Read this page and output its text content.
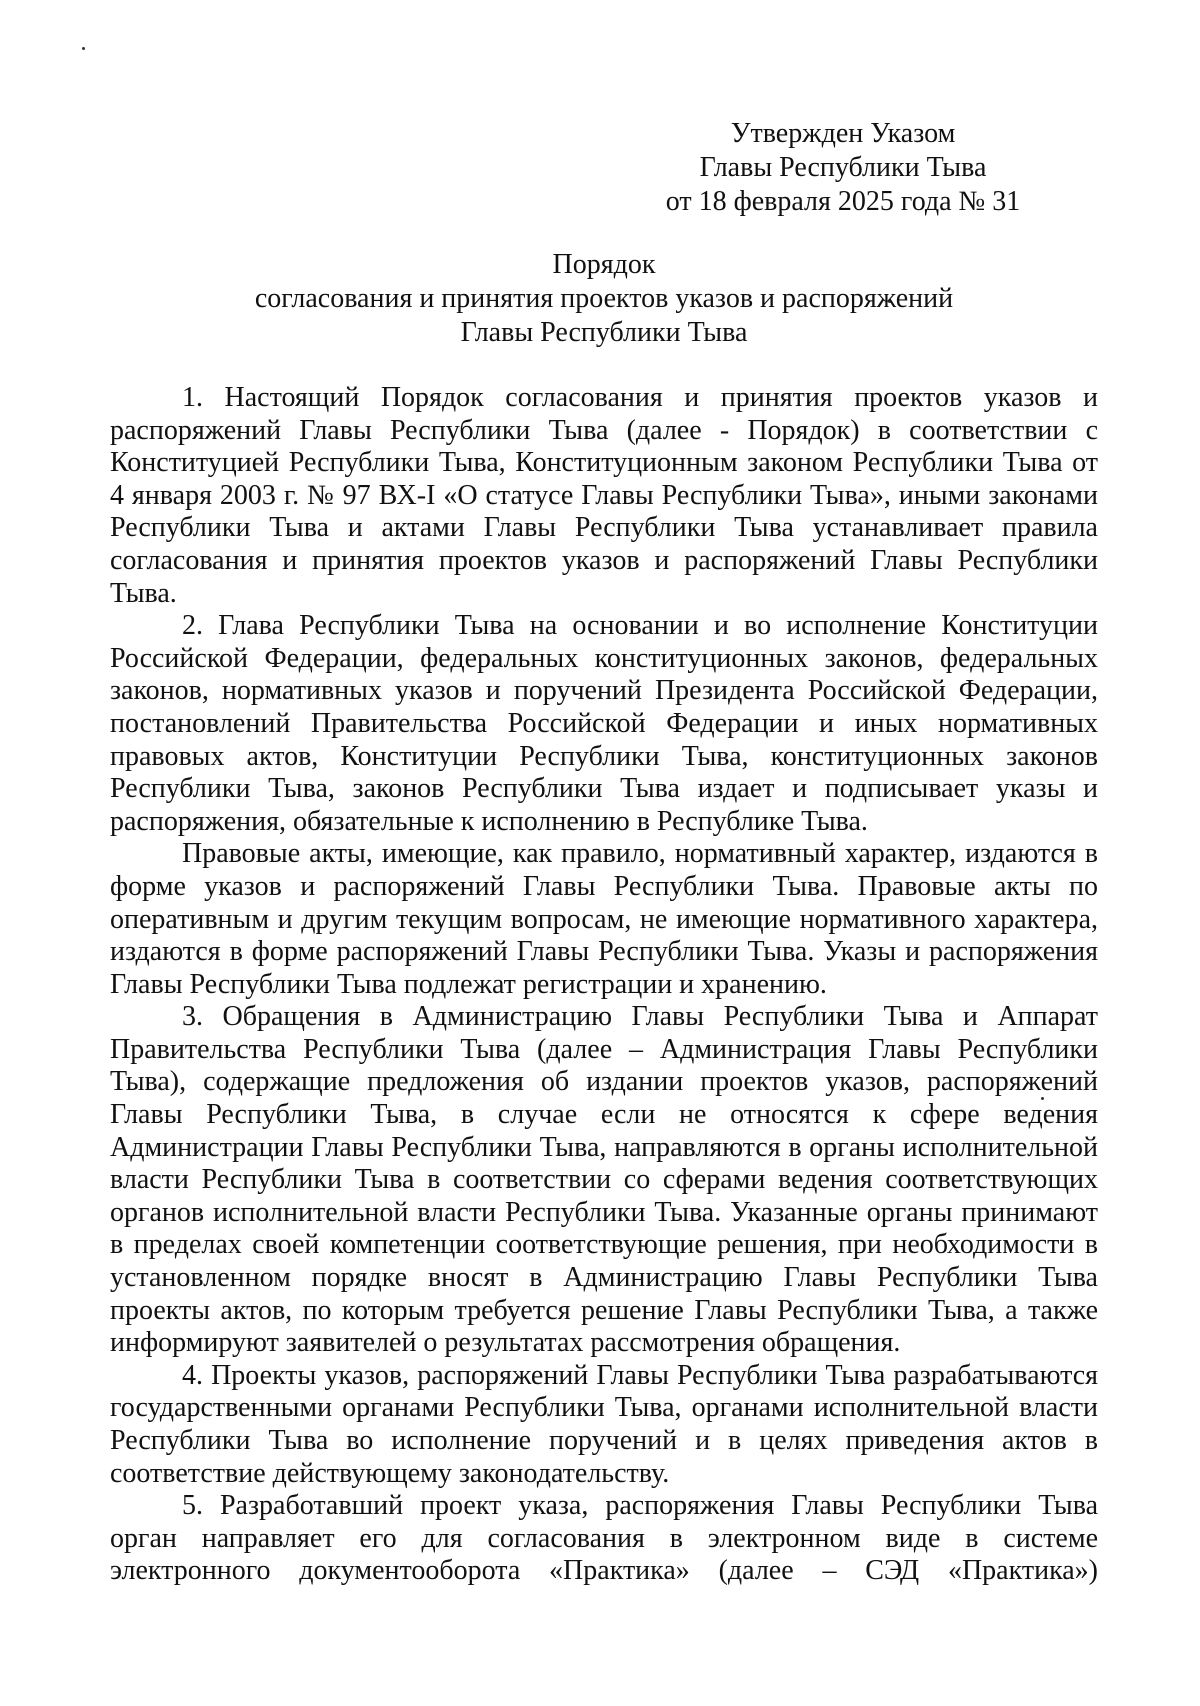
Утвержден Указом
Главы Республики Тыва
от 18 февраля 2025 года № 31
Порядок
согласования и принятия проектов указов и распоряжений
Главы Республики Тыва

1. Настоящий Порядок согласования и принятия проектов указов и распоряжений Главы Республики Тыва (далее - Порядок) в соответствии с Конституцией Республики Тыва, Конституционным законом Республики Тыва от 4 января 2003 г. № 97 ВХ-I «О статусе Главы Республики Тыва», иными законами Республики Тыва и актами Главы Республики Тыва устанавливает правила согласования и принятия проектов указов и распоряжений Главы Республики Тыва.

2. Глава Республики Тыва на основании и во исполнение Конституции Российской Федерации, федеральных конституционных законов, федеральных законов, нормативных указов и поручений Президента Российской Федерации, постановлений Правительства Российской Федерации и иных нормативных правовых актов, Конституции Республики Тыва, конституционных законов Республики Тыва, законов Республики Тыва издает и подписывает указы и распоряжения, обязательные к исполнению в Республике Тыва.

Правовые акты, имеющие, как правило, нормативный характер, издаются в форме указов и распоряжений Главы Республики Тыва. Правовые акты по оперативным и другим текущим вопросам, не имеющие нормативного характера, издаются в форме распоряжений Главы Республики Тыва. Указы и распоряжения Главы Республики Тыва подлежат регистрации и хранению.

3. Обращения в Администрацию Главы Республики Тыва и Аппарат Правительства Республики Тыва (далее – Администрация Главы Республики Тыва), содержащие предложения об издании проектов указов, распоряжений Главы Республики Тыва, в случае если не относятся к сфере ведения Администрации Главы Республики Тыва, направляются в органы исполнительной власти Республики Тыва в соответствии со сферами ведения соответствующих органов исполнительной власти Республики Тыва. Указанные органы принимают в пределах своей компетенции соответствующие решения, при необходимости в установленном порядке вносят в Администрацию Главы Республики Тыва проекты актов, по которым требуется решение Главы Республики Тыва, а также информируют заявителей о результатах рассмотрения обращения.

4. Проекты указов, распоряжений Главы Республики Тыва разрабатываются государственными органами Республики Тыва, органами исполнительной власти Республики Тыва во исполнение поручений и в целях приведения актов в соответствие действующему законодательству.

5. Разработавший проект указа, распоряжения Главы Республики Тыва орган направляет его для согласования в электронном виде в системе электронного документооборота «Практика» (далее – СЭД «Практика»)
